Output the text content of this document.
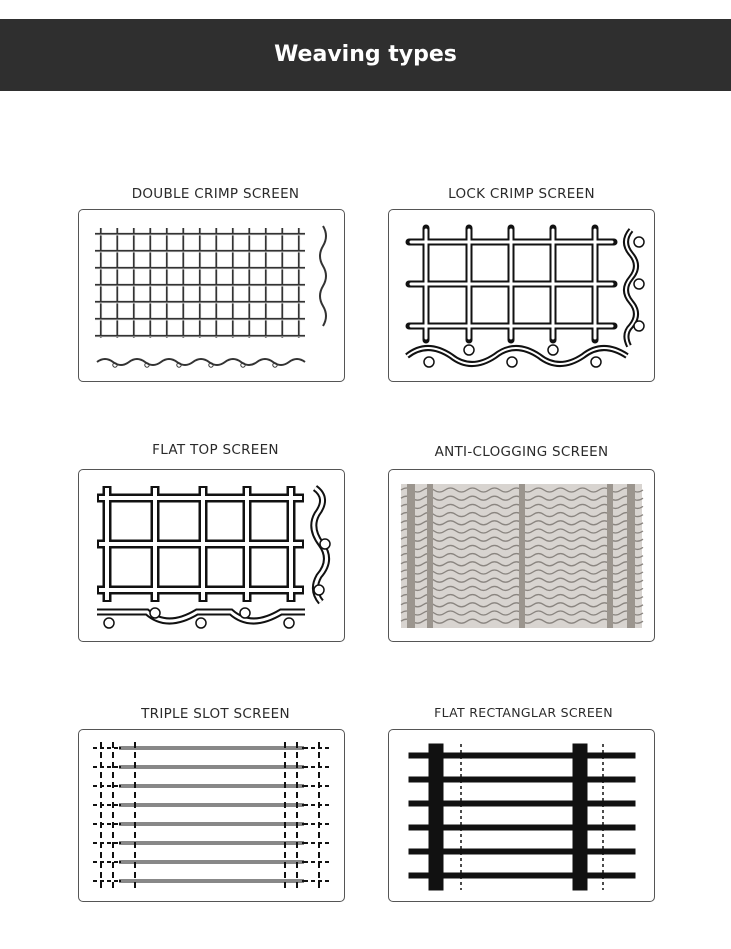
Weaving types
DOUBLE CRIMP SCREEN	LOCK CRIMP SCREEN
FLAT TOP SCREEN	ANTI-CLOGGING SCREEN
TRIPLE SLOT SCREEN	FLAT RECTANGLAR SCREEN
